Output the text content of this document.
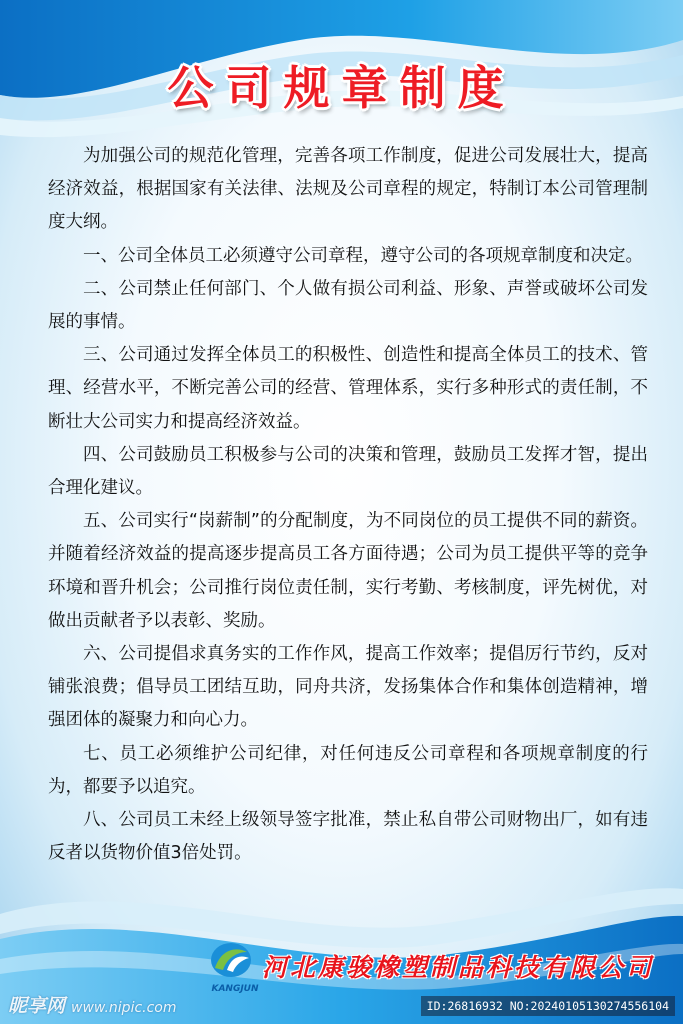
公司规章制度

为加强公司的规范化管理，完善各项工作制度，促进公司发展壮大，提高经济效益，根据国家有关法律、法规及公司章程的规定，特制订本公司管理制度大纲。

一、公司全体员工必须遵守公司章程，遵守公司的各项规章制度和决定。

二、公司禁止任何部门、个人做有损公司利益、形象、声誉或破坏公司发展的事情。

三、公司通过发挥全体员工的积极性、创造性和提高全体员工的技术、管理、经营水平，不断完善公司的经营、管理体系，实行多种形式的责任制，不断壮大公司实力和提高经济效益。

四、公司鼓励员工积极参与公司的决策和管理，鼓励员工发挥才智，提出合理化建议。

五、公司实行“岗薪制”的分配制度，为不同岗位的员工提供不同的薪资。并随着经济效益的提高逐步提高员工各方面待遇；公司为员工提供平等的竞争环境和晋升机会；公司推行岗位责任制，实行考勤、考核制度，评先树优，对做出贡献者予以表彰、奖励。

六、公司提倡求真务实的工作作风，提高工作效率；提倡厉行节约，反对铺张浪费；倡导员工团结互助，同舟共济，发扬集体合作和集体创造精神，增强团体的凝聚力和向心力。

七、员工必须维护公司纪律，对任何违反公司章程和各项规章制度的行为，都要予以追究。

八、公司员工未经上级领导签字批准，禁止私自带公司财物出厂，如有违反者以货物价值3倍处罚。

KANGJUN
河北康骏橡塑制品科技有限公司
昵享网 www.nipic.com	ID:26816932 NO:20240105130274556104
